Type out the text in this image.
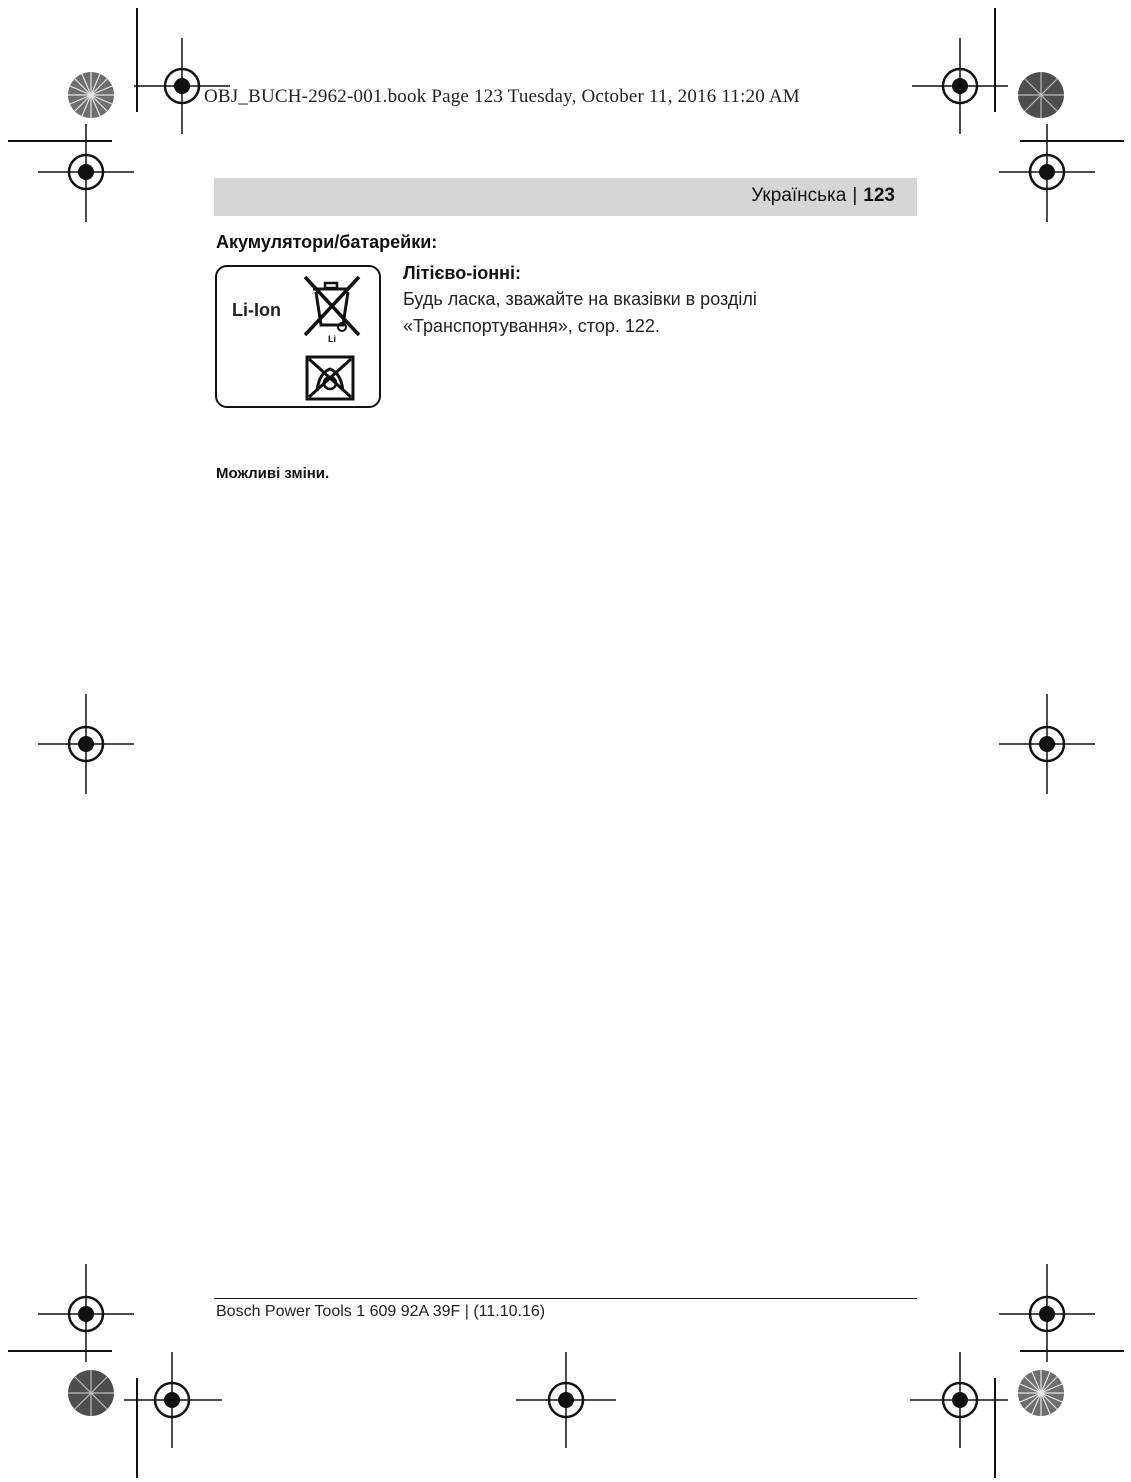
OBJ_BUCH-2962-001.book Page 123 Tuesday, October 11, 2016 11:20 AM
Українська | 123
Акумулятори/батарейки:
Li-Ion
Li
Літієво-іонні:
Будь ласка, зважайте на вказівки в розділі
«Транспортування», стор. 122.
Можливі зміни.
Bosch Power Tools 1 609 92A 39F | (11.10.16)
